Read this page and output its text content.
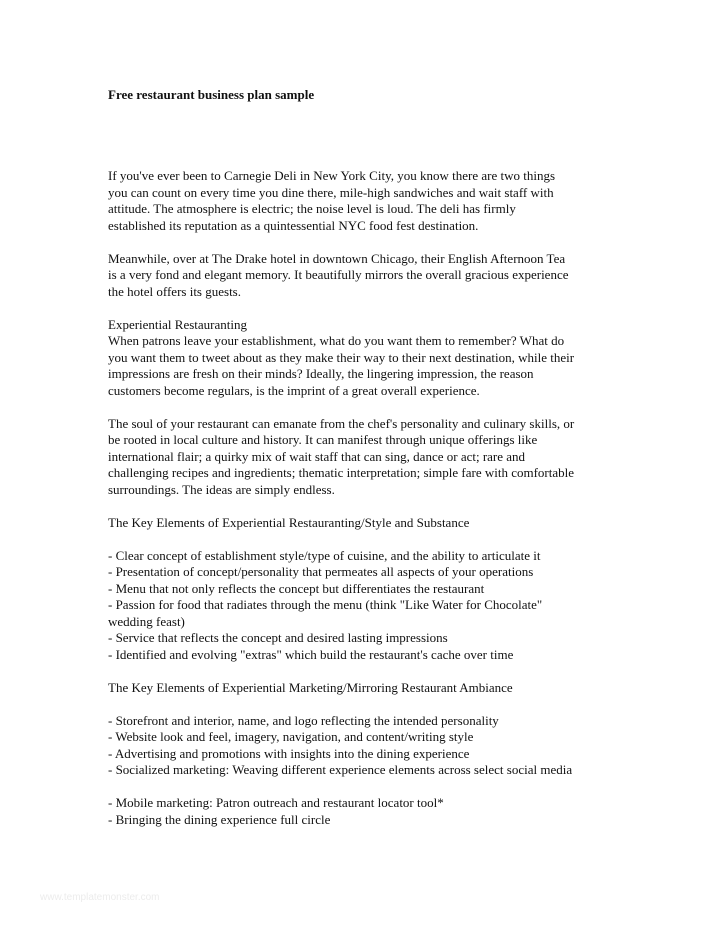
Free restaurant business plan sample
If you've ever been to Carnegie Deli in New York City, you know there are two things
you can count on every time you dine there, mile-high sandwiches and wait staff with
attitude. The atmosphere is electric; the noise level is loud. The deli has firmly
established its reputation as a quintessential NYC food fest destination.
Meanwhile, over at The Drake hotel in downtown Chicago, their English Afternoon Tea
is a very fond and elegant memory. It beautifully mirrors the overall gracious experience
the hotel offers its guests.
Experiential Restauranting
When patrons leave your establishment, what do you want them to remember? What do
you want them to tweet about as they make their way to their next destination, while their
impressions are fresh on their minds? Ideally, the lingering impression, the reason
customers become regulars, is the imprint of a great overall experience.
The soul of your restaurant can emanate from the chef's personality and culinary skills, or
be rooted in local culture and history. It can manifest through unique offerings like
international flair; a quirky mix of wait staff that can sing, dance or act; rare and
challenging recipes and ingredients; thematic interpretation; simple fare with comfortable
surroundings. The ideas are simply endless.
The Key Elements of Experiential Restauranting/Style and Substance
- Clear concept of establishment style/type of cuisine, and the ability to articulate it
- Presentation of concept/personality that permeates all aspects of your operations
- Menu that not only reflects the concept but differentiates the restaurant
- Passion for food that radiates through the menu (think "Like Water for Chocolate"
wedding feast)
- Service that reflects the concept and desired lasting impressions
- Identified and evolving "extras" which build the restaurant's cache over time
The Key Elements of Experiential Marketing/Mirroring Restaurant Ambiance
- Storefront and interior, name, and logo reflecting the intended personality
- Website look and feel, imagery, navigation, and content/writing style
- Advertising and promotions with insights into the dining experience
- Socialized marketing: Weaving different experience elements across select social media
- Mobile marketing: Patron outreach and restaurant locator tool*
- Bringing the dining experience full circle
www.templatemonster.com
